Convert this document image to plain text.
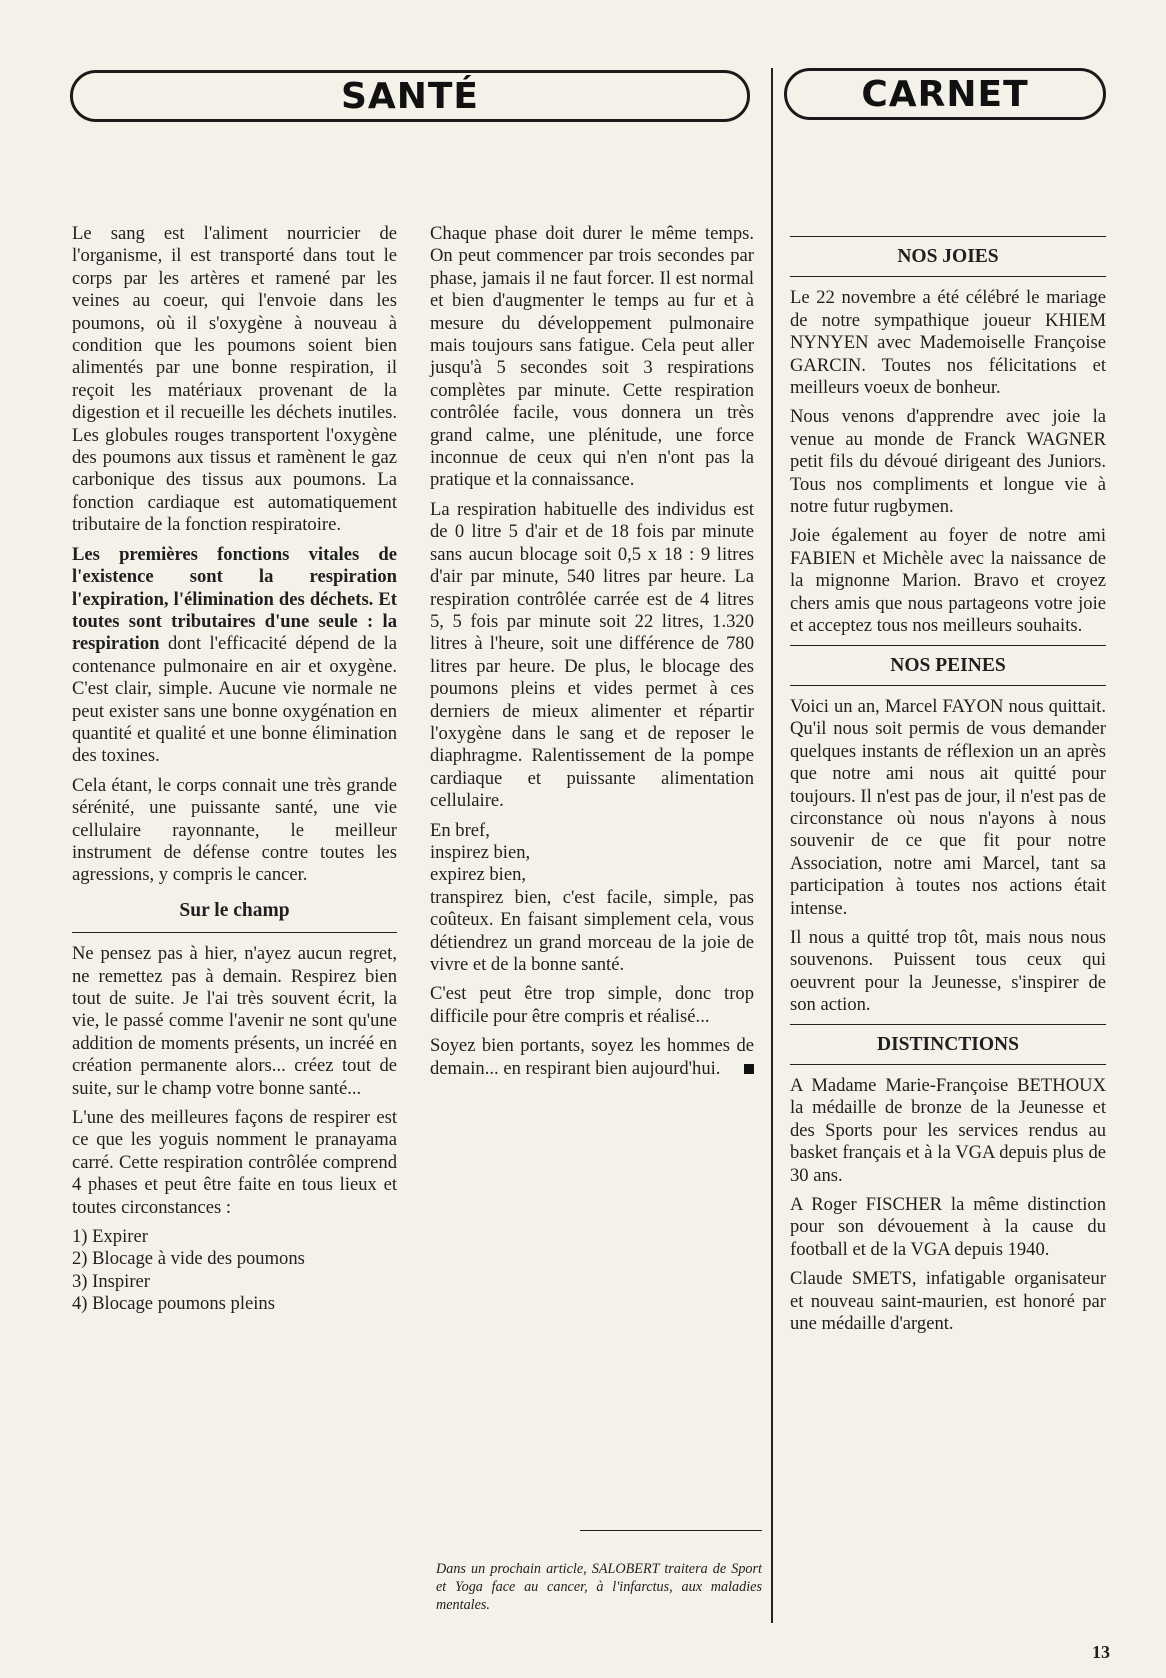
SANTÉ	CARNET

Le sang est l'aliment nourricier de l'organisme, il est transporté dans tout le corps par les artères et ramené par les veines au coeur, qui l'envoie dans les poumons, où il s'oxygène à nouveau à condition que les poumons soient bien alimentés par une bonne respiration, il reçoit les matériaux provenant de la digestion et il recueille les déchets inutiles. Les globules rouges transportent l'oxygène des poumons aux tissus et ramènent le gaz carbonique des tissus aux poumons. La fonction cardiaque est automatiquement tributaire de la fonction respiratoire.

Les premières fonctions vitales de l'existence sont la respiration l'expiration, l'élimination des déchets. Et toutes sont tributaires d'une seule : la respiration dont l'efficacité dépend de la contenance pulmonaire en air et oxygène. C'est clair, simple. Aucune vie normale ne peut exister sans une bonne oxygénation en quantité et qualité et une bonne élimination des toxines.

Cela étant, le corps connait une très grande sérénité, une puissante santé, une vie cellulaire rayonnante, le meilleur instrument de défense contre toutes les agressions, y compris le cancer.

Sur le champ

Ne pensez pas à hier, n'ayez aucun regret, ne remettez pas à demain. Respirez bien tout de suite. Je l'ai très souvent écrit, la vie, le passé comme l'avenir ne sont qu'une addition de moments présents, un incréé en création permanente alors... créez tout de suite, sur le champ votre bonne santé...

L'une des meilleures façons de respirer est ce que les yoguis nomment le pranayama carré. Cette respiration contrôlée comprend 4 phases et peut être faite en tous lieux et toutes circonstances :

1) Expirer
2) Blocage à vide des poumons
3) Inspirer
4) Blocage poumons pleins

Chaque phase doit durer le même temps. On peut commencer par trois secondes par phase, jamais il ne faut forcer. Il est normal et bien d'augmenter le temps au fur et à mesure du développement pulmonaire mais toujours sans fatigue. Cela peut aller jusqu'à 5 secondes soit 3 respirations complètes par minute. Cette respiration contrôlée facile, vous donnera un très grand calme, une plénitude, une force inconnue de ceux qui n'en n'ont pas la pratique et la connaissance.

La respiration habituelle des individus est de 0 litre 5 d'air et de 18 fois par minute sans aucun blocage soit 0,5 x 18 : 9 litres d'air par minute, 540 litres par heure. La respiration contrôlée carrée est de 4 litres 5, 5 fois par minute soit 22 litres, 1.320 litres à l'heure, soit une différence de 780 litres par heure. De plus, le blocage des poumons pleins et vides permet à ces derniers de mieux alimenter et répartir l'oxygène dans le sang et de reposer le diaphragme. Ralentissement de la pompe cardiaque et puissante alimentation cellulaire.

En bref,
inspirez bien,
expirez bien,

transpirez bien, c'est facile, simple, pas coûteux. En faisant simplement cela, vous détiendrez un grand morceau de la joie de vivre et de la bonne santé.

C'est peut être trop simple, donc trop difficile pour être compris et réalisé...

Soyez bien portants, soyez les hommes de demain... en respirant bien aujourd'hui.

Dans un prochain article, SALOBERT traitera de Sport et Yoga face au cancer, à l'infarctus, aux maladies mentales.
NOS JOIES

Le 22 novembre a été célébré le mariage de notre sympathique joueur KHIEM NYNYEN avec Mademoiselle Françoise GARCIN. Toutes nos félicitations et meilleurs voeux de bonheur.

Nous venons d'apprendre avec joie la venue au monde de Franck WAGNER petit fils du dévoué dirigeant des Juniors. Tous nos compliments et longue vie à notre futur rugbymen.

Joie également au foyer de notre ami FABIEN et Michèle avec la naissance de la mignonne Marion. Bravo et croyez chers amis que nous partageons votre joie et acceptez tous nos meilleurs souhaits.

NOS PEINES

Voici un an, Marcel FAYON nous quittait. Qu'il nous soit permis de vous demander quelques instants de réflexion un an après que notre ami nous ait quitté pour toujours. Il n'est pas de jour, il n'est pas de circonstance où nous n'ayons à nous souvenir de ce que fit pour notre Association, notre ami Marcel, tant sa participation à toutes nos actions était intense.

Il nous a quitté trop tôt, mais nous nous souvenons. Puissent tous ceux qui oeuvrent pour la Jeunesse, s'inspirer de son action.

DISTINCTIONS

A Madame Marie-Françoise BETHOUX la médaille de bronze de la Jeunesse et des Sports pour les services rendus au basket français et à la VGA depuis plus de 30 ans.

A Roger FISCHER la même distinction pour son dévouement à la cause du football et de la VGA depuis 1940.

Claude SMETS, infatigable organisateur et nouveau saint-maurien, est honoré par une médaille d'argent.

13
